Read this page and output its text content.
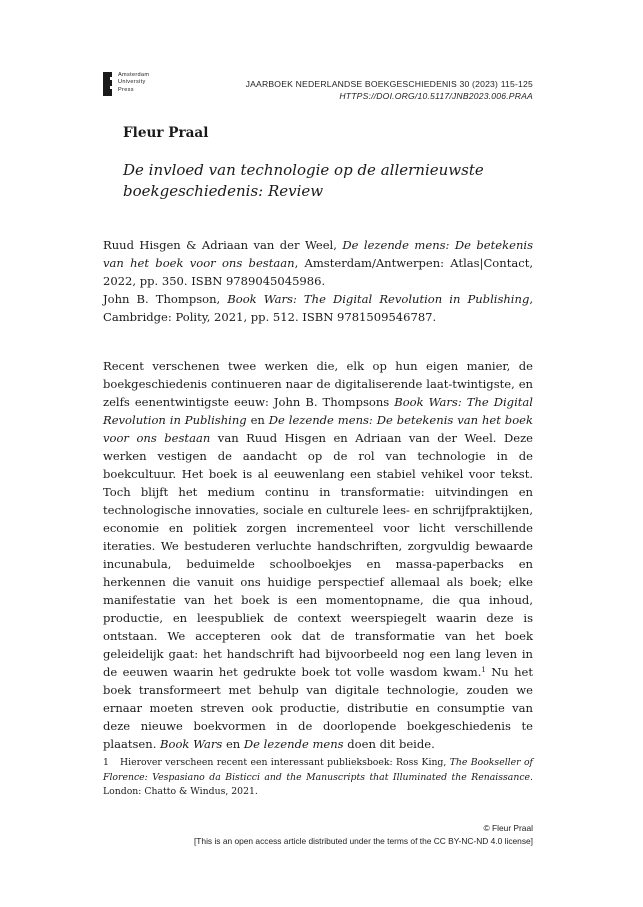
Amsterdam
University
Press
JAARBOEK NEDERLANDSE BOEKGESCHIEDENIS 30 (2023) 115-125
HTTPS://DOI.ORG/10.5117/JNB2023.006.PRAA
Fleur Praal
De invloed van technologie op de allernieuwste boekgeschiedenis: Review

Ruud Hisgen & Adriaan van der Weel, De lezende mens: De betekenis van het boek voor ons bestaan, Amsterdam/Antwerpen: Atlas|Contact, 2022, pp. 350. ISBN 9789045045986.

John B. Thompson, Book Wars: The Digital Revolution in Publishing, Cambridge: Polity, 2021, pp. 512. ISBN 9781509546787.

Recent verschenen twee werken die, elk op hun eigen manier, de boekgeschiedenis continueren naar de digitaliserende laat-twintigste, en zelfs eenentwintigste eeuw: John B. Thompsons Book Wars: The Digital Revolution in Publishing en De lezende mens: De betekenis van het boek voor ons bestaan van Ruud Hisgen en Adriaan van der Weel. Deze werken vestigen de aandacht op de rol van technologie in de boekcultuur. Het boek is al eeuwenlang een stabiel vehikel voor tekst. Toch blijft het medium continu in transformatie: uitvindingen en technologische innovaties, sociale en culturele lees- en schrijfpraktijken, economie en politiek zorgen incrementeel voor licht verschillende iteraties. We bestuderen verluchte handschriften, zorgvuldig bewaarde incunabula, beduimelde schoolboekjes en massa-paperbacks en herkennen die vanuit ons huidige perspectief allemaal als boek; elke manifestatie van het boek is een momentopname, die qua inhoud, productie, en leespubliek de context weerspiegelt waarin deze is ontstaan. We accepteren ook dat de transformatie van het boek geleidelijk gaat: het handschrift had bijvoorbeeld nog een lang leven in de eeuwen waarin het gedrukte boek tot volle wasdom kwam.$^1$ Nu het boek transformeert met behulp van digitale technologie, zouden we ernaar moeten streven ook productie, distributie en consumptie van deze nieuwe boekvormen in de doorlopende boekgeschiedenis te plaatsen. Book Wars en De lezende mens doen dit beide.

1 Hierover verscheen recent een interessant publieksboek: Ross King, The Bookseller of Florence: Vespasiano da Bisticci and the Manuscripts that Illuminated the Renaissance. London: Chatto & Windus, 2021.
© Fleur Praal
[This is an open access article distributed under the terms of the CC BY-NC-ND 4.0 license]
